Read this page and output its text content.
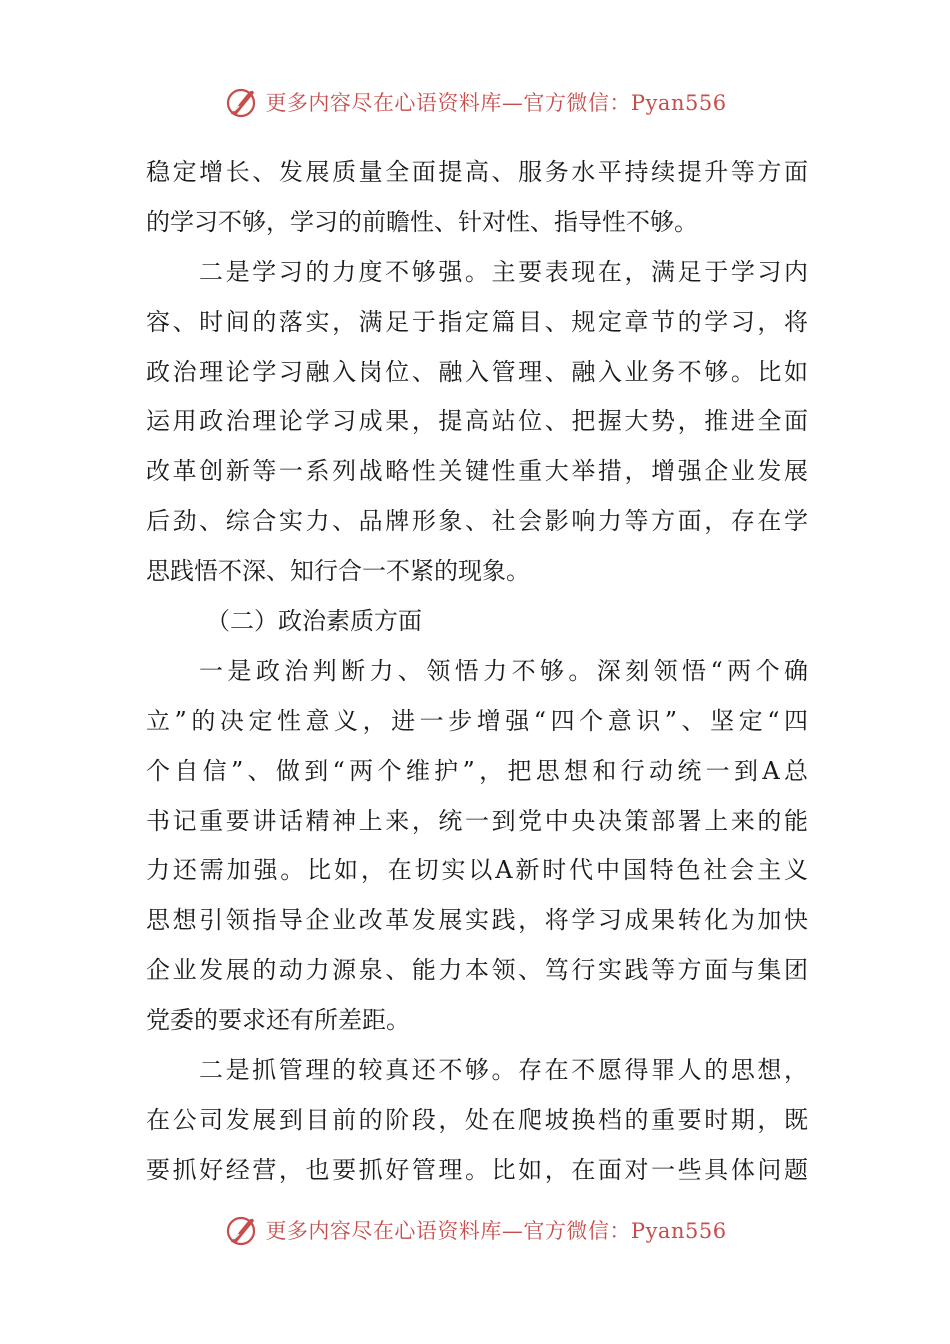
更多内容尽在心语资料库—官方微信：Pyan556
稳定增长、发展质量全面提高、服务水平持续提升等方面
的学习不够，学习的前瞻性、针对性、指导性不够。
二是学习的力度不够强。主要表现在，满足于学习内
容、时间的落实，满足于指定篇目、规定章节的学习，将
政治理论学习融入岗位、融入管理、融入业务不够。比如
运用政治理论学习成果，提高站位、把握大势，推进全面
改革创新等一系列战略性关键性重大举措，增强企业发展
后劲、综合实力、品牌形象、社会影响力等方面，存在学
思践悟不深、知行合一不紧的现象。
（二）政治素质方面
一是政治判断力、领悟力不够。深刻领悟“两个确
立”的决定性意义，进一步增强“四个意识”、坚定“四
个自信”、做到“两个维护”，把思想和行动统一到A总
书记重要讲话精神上来，统一到党中央决策部署上来的能
力还需加强。比如，在切实以A新时代中国特色社会主义
思想引领指导企业改革发展实践，将学习成果转化为加快
企业发展的动力源泉、能力本领、笃行实践等方面与集团
党委的要求还有所差距。
二是抓管理的较真还不够。存在不愿得罪人的思想，
在公司发展到目前的阶段，处在爬坡换档的重要时期，既
要抓好经营，也要抓好管理。比如，在面对一些具体问题
更多内容尽在心语资料库—官方微信：Pyan556
